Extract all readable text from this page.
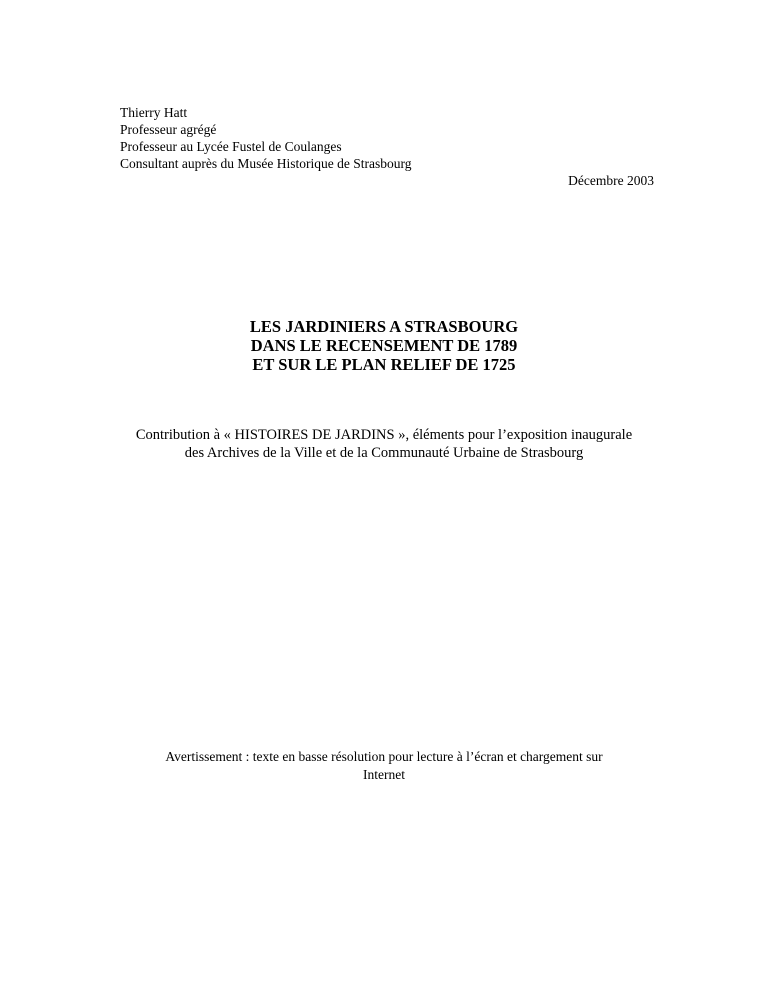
Thierry Hatt
Professeur agrégé
Professeur au Lycée Fustel de Coulanges
Consultant auprès du Musée Historique de Strasbourg
Décembre 2003
LES JARDINIERS A STRASBOURG
DANS LE RECENSEMENT DE 1789
ET SUR LE PLAN RELIEF DE 1725
Contribution à « HISTOIRES DE JARDINS », éléments pour l’exposition inaugurale
des Archives de la Ville et de la Communauté Urbaine de Strasbourg
Avertissement : texte en basse résolution pour lecture à l’écran et chargement sur
Internet
